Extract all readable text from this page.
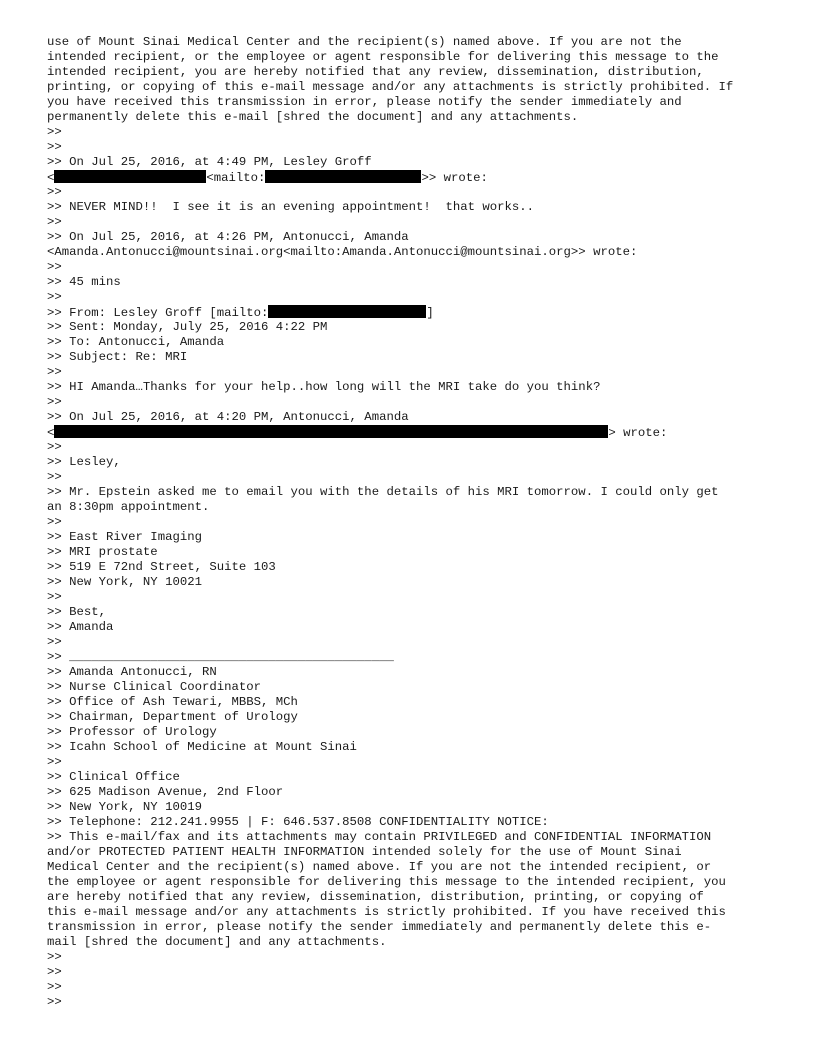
use of Mount Sinai Medical Center and the recipient(s) named above. If you are not the
intended recipient, or the employee or agent responsible for delivering this message to the
intended recipient, you are hereby notified that any review, dissemination, distribution,
printing, or copying of this e-mail message and/or any attachments is strictly prohibited. If
you have received this transmission in error, please notify the sender immediately and
permanently delete this e-mail [shred the document] and any attachments.
>>
>>
>> On Jul 25, 2016, at 4:49 PM, Lesley Groff
<	<mailto:	>> wrote:
>>
>> NEVER MIND!!  I see it is an evening appointment!  that works..
>>
>> On Jul 25, 2016, at 4:26 PM, Antonucci, Amanda
<Amanda.Antonucci@mountsinai.org<mailto:Amanda.Antonucci@mountsinai.org>> wrote:
>>
>> 45 mins
>>
>> From: Lesley Groff [mailto:	]
>> Sent: Monday, July 25, 2016 4:22 PM
>> To: Antonucci, Amanda
>> Subject: Re: MRI
>>
>> HI Amanda…Thanks for your help..how long will the MRI take do you think?
>>
>> On Jul 25, 2016, at 4:20 PM, Antonucci, Amanda
<	> wrote:
>>
>> Lesley,
>>
>> Mr. Epstein asked me to email you with the details of his MRI tomorrow. I could only get
an 8:30pm appointment.
>>
>> East River Imaging
>> MRI prostate
>> 519 E 72nd Street, Suite 103
>> New York, NY 10021
>>
>> Best,
>> Amanda
>>
>> ____________________________________________
>> Amanda Antonucci, RN
>> Nurse Clinical Coordinator
>> Office of Ash Tewari, MBBS, MCh
>> Chairman, Department of Urology
>> Professor of Urology
>> Icahn School of Medicine at Mount Sinai
>>
>> Clinical Office
>> 625 Madison Avenue, 2nd Floor
>> New York, NY 10019
>> Telephone: 212.241.9955 | F: 646.537.8508 CONFIDENTIALITY NOTICE:
>> This e-mail/fax and its attachments may contain PRIVILEGED and CONFIDENTIAL INFORMATION
and/or PROTECTED PATIENT HEALTH INFORMATION intended solely for the use of Mount Sinai
Medical Center and the recipient(s) named above. If you are not the intended recipient, or
the employee or agent responsible for delivering this message to the intended recipient, you
are hereby notified that any review, dissemination, distribution, printing, or copying of
this e-mail message and/or any attachments is strictly prohibited. If you have received this
transmission in error, please notify the sender immediately and permanently delete this e-
mail [shred the document] and any attachments.
>>
>>
>>
>>
